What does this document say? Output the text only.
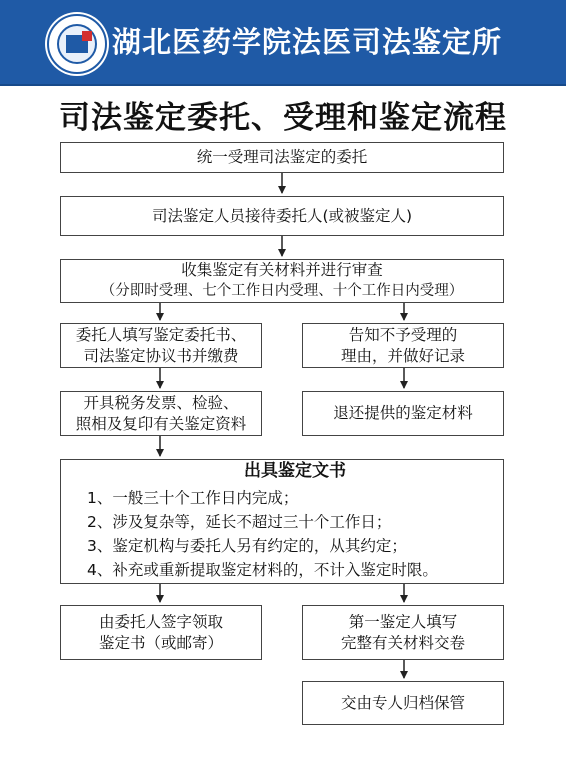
湖北医药学院法医司法鉴定所
司法鉴定委托、受理和鉴定流程
统一受理司法鉴定的委托
司法鉴定人员接待委托人(或被鉴定人)
收集鉴定有关材料并进行审查
（分即时受理、七个工作日内受理、十个工作日内受理）
委托人填写鉴定委托书、
司法鉴定协议书并缴费
告知不予受理的
理由，并做好记录
开具税务发票、检验、
照相及复印有关鉴定资料
退还提供的鉴定材料
出具鉴定文书
1、一般三十个工作日内完成；
2、涉及复杂等，延长不超过三十个工作日；
3、鉴定机构与委托人另有约定的，从其约定；
4、补充或重新提取鉴定材料的，不计入鉴定时限。
由委托人签字领取
鉴定书（或邮寄）
第一鉴定人填写
完整有关材料交卷
交由专人归档保管
